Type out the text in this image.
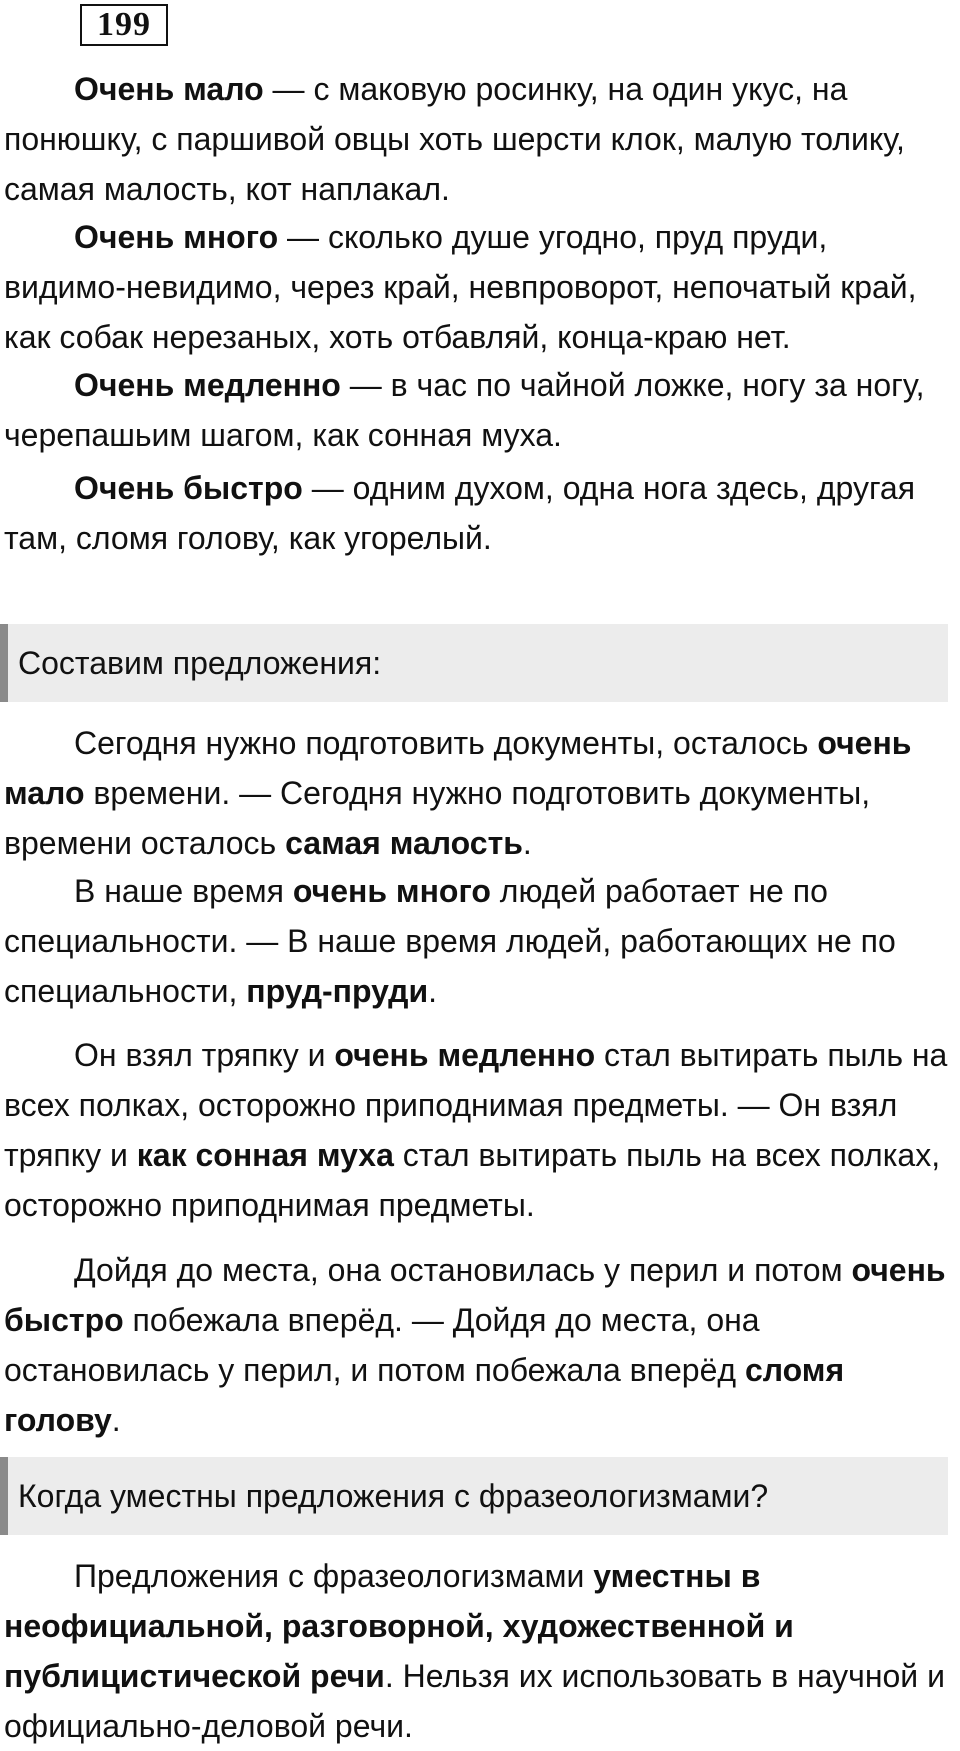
199

Очень мало — с маковую росинку, на один укус, на понюшку, с паршивой овцы хоть шерсти клок, малую толику, самая малость, кот наплакал.

Очень много — сколько душе угодно, пруд пруди, видимо-невидимо, через край, невпроворот, непочатый край, как собак нерезаных, хоть отбавляй, конца-краю нет.

Очень медленно — в час по чайной ложке, ногу за ногу, черепашьим шагом, как сонная муха.

Очень быстро — одним духом, одна нога здесь, другая там, сломя голову, как угорелый.

Составим предложения:

Сегодня нужно подготовить документы, осталось очень мало времени. — Сегодня нужно подготовить документы, времени осталось самая малость.

В наше время очень много людей работает не по специальности. — В наше время людей, работающих не по специальности, пруд-пруди.

Он взял тряпку и очень медленно стал вытирать пыль на всех полках, осторожно приподнимая предметы. — Он взял тряпку и как сонная муха стал вытирать пыль на всех полках, осторожно приподнимая предметы.

Дойдя до места, она остановилась у перил и потом очень быстро побежала вперёд. — Дойдя до места, она остановилась у перил, и потом побежала вперёд сломя голову.

Когда уместны предложения с фразеологизмами?

Предложения с фразеологизмами уместны в неофициальной, разговорной, художественной и публицистической речи. Нельзя их использовать в научной и официально-деловой речи.
